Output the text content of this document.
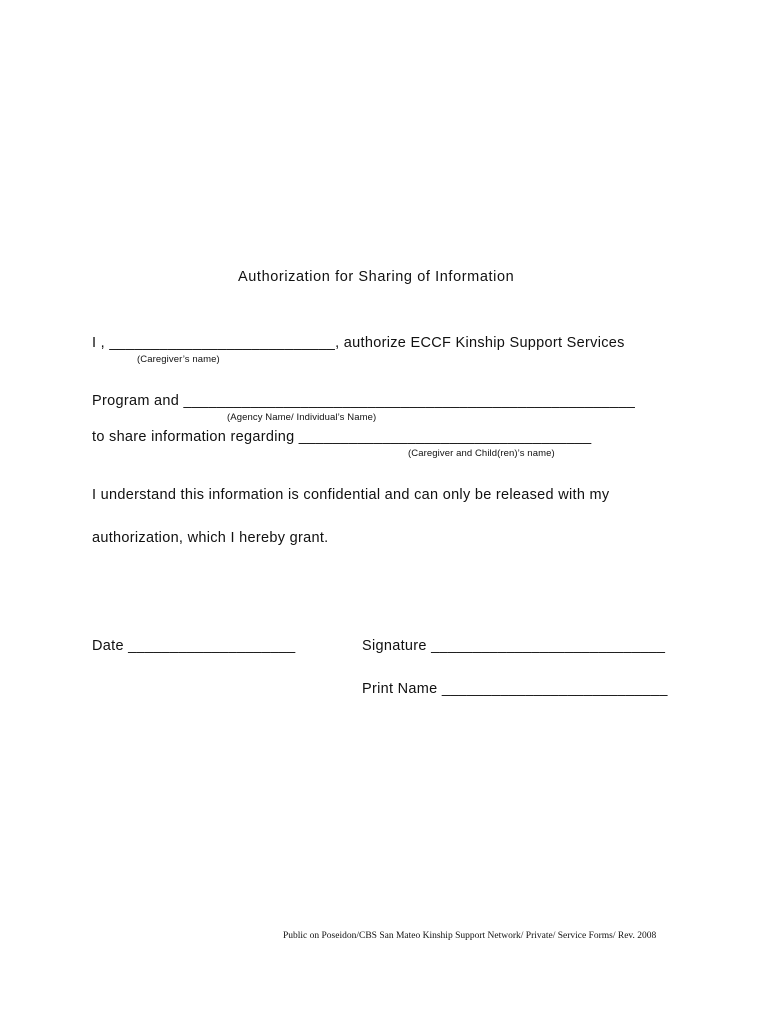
Authorization for Sharing of Information
I , ___________________________, authorize ECCF Kinship Support Services
(Caregiver’s name)
Program and ______________________________________________________
(Agency Name/ Individual’s Name)
to share information regarding ___________________________________
(Caregiver and Child(ren)’s name)
I understand this information is confidential and can only be released with my
authorization, which I hereby grant.
Date ____________________	Signature ____________________________
Print Name ___________________________
Public on Poseidon/CBS San Mateo Kinship Support Network/ Private/ Service Forms/ Rev. 2008
